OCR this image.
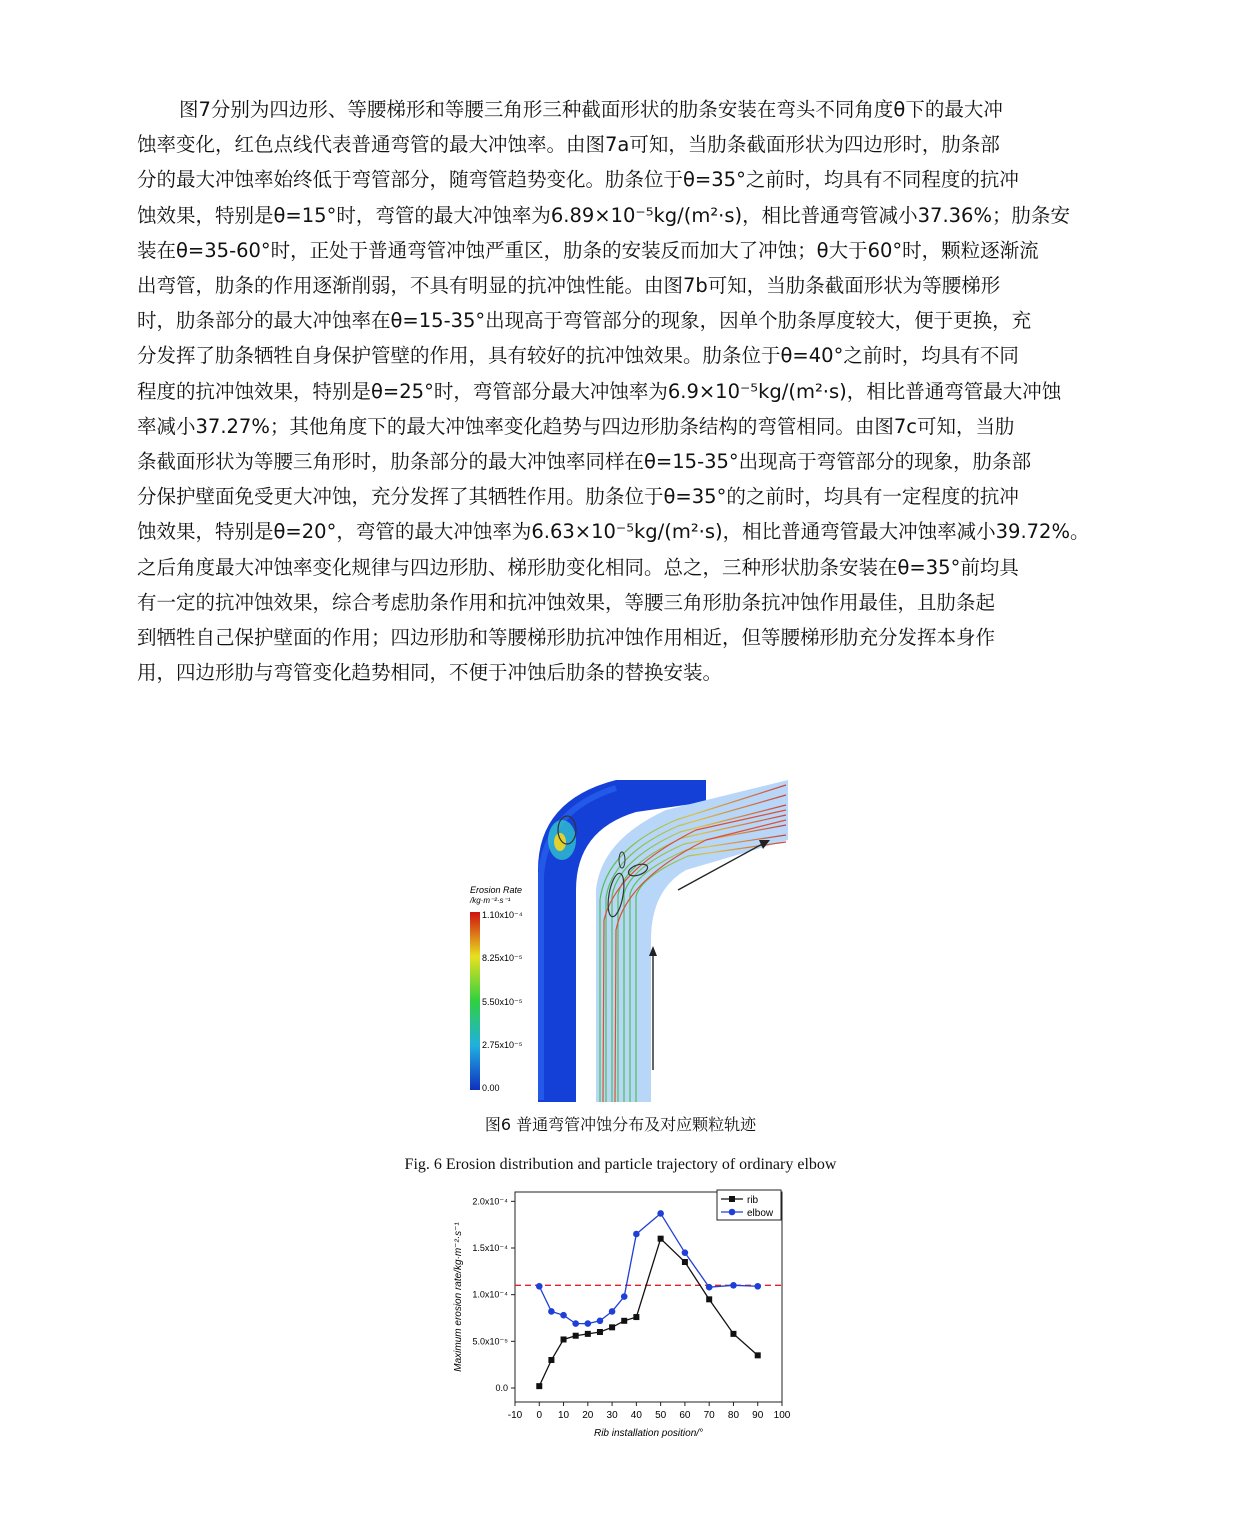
图7分别为四边形、等腰梯形和等腰三角形三种截面形状的肋条安装在弯头不同角度θ下的最大冲
蚀率变化，红色点线代表普通弯管的最大冲蚀率。由图7a可知，当肋条截面形状为四边形时，肋条部
分的最大冲蚀率始终低于弯管部分，随弯管趋势变化。肋条位于θ=35°之前时，均具有不同程度的抗冲
蚀效果，特别是θ=15°时，弯管的最大冲蚀率为6.89×10⁻⁵kg/(m²·s)，相比普通弯管减小37.36%；肋条安
装在θ=35-60°时，正处于普通弯管冲蚀严重区，肋条的安装反而加大了冲蚀；θ大于60°时，颗粒逐渐流
出弯管，肋条的作用逐渐削弱，不具有明显的抗冲蚀性能。由图7b可知，当肋条截面形状为等腰梯形
时，肋条部分的最大冲蚀率在θ=15-35°出现高于弯管部分的现象，因单个肋条厚度较大，便于更换，充
分发挥了肋条牺牲自身保护管壁的作用，具有较好的抗冲蚀效果。肋条位于θ=40°之前时，均具有不同
程度的抗冲蚀效果，特别是θ=25°时，弯管部分最大冲蚀率为6.9×10⁻⁵kg/(m²·s)，相比普通弯管最大冲蚀
率减小37.27%；其他角度下的最大冲蚀率变化趋势与四边形肋条结构的弯管相同。由图7c可知，当肋
条截面形状为等腰三角形时，肋条部分的最大冲蚀率同样在θ=15-35°出现高于弯管部分的现象，肋条部
分保护壁面免受更大冲蚀，充分发挥了其牺牲作用。肋条位于θ=35°的之前时，均具有一定程度的抗冲
蚀效果，特别是θ=20°，弯管的最大冲蚀率为6.63×10⁻⁵kg/(m²·s)，相比普通弯管最大冲蚀率减小39.72%。
之后角度最大冲蚀率变化规律与四边形肋、梯形肋变化相同。总之，三种形状肋条安装在θ=35°前均具
有一定的抗冲蚀效果，综合考虑肋条作用和抗冲蚀效果，等腰三角形肋条抗冲蚀作用最佳，且肋条起
到牺牲自己保护壁面的作用；四边形肋和等腰梯形肋抗冲蚀作用相近，但等腰梯形肋充分发挥本身作
用，四边形肋与弯管变化趋势相同，不便于冲蚀后肋条的替换安装。
Erosion Rate
/kg·m⁻²·s⁻¹
1.10x10⁻⁴
8.25x10⁻⁵
5.50x10⁻⁵
2.75x10⁻⁵
0.00
图6 普通弯管冲蚀分布及对应颗粒轨迹
Fig. 6 Erosion distribution and particle trajectory of ordinary elbow
-10 0 10 20 30 40 50 60 70 80 90 100
0.0
5.0x10⁻⁵
1.0x10⁻⁴
1.5x10⁻⁴
2.0x10⁻⁴
Rib installation position/°
Maximum erosion rate/kg·m⁻²·s⁻¹
rib
elbow
